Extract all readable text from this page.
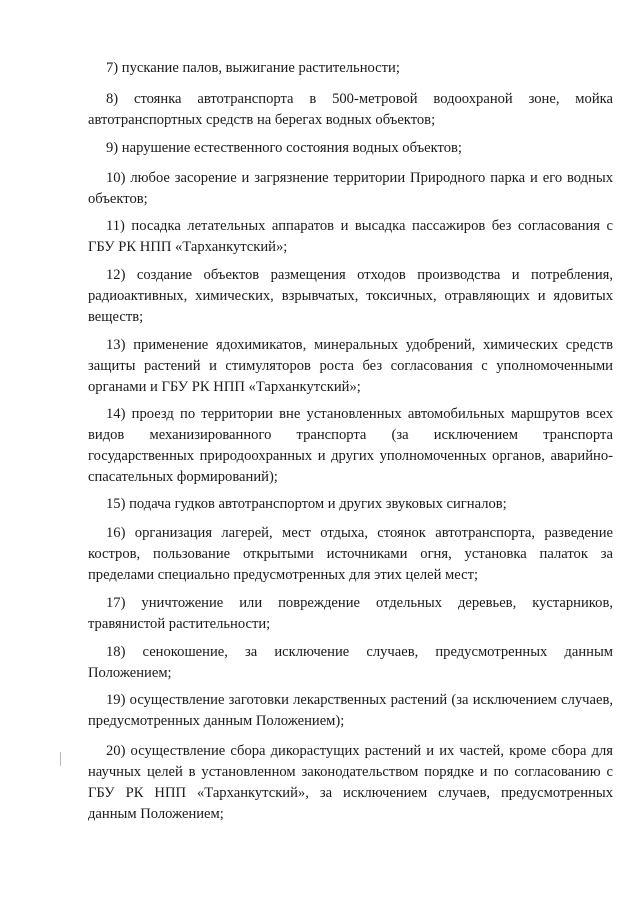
7) пускание палов, выжигание растительности;

8) стоянка автотранспорта в 500-метровой водоохраной зоне, мойка автотранспортных средств на берегах водных объектов;

9) нарушение естественного состояния водных объектов;

10) любое засорение и загрязнение территории Природного парка и его водных объектов;

11) посадка летательных аппаратов и высадка пассажиров без согласования с ГБУ РК НПП «Тарханкутский»;

12) создание объектов размещения отходов производства и потребления, радиоактивных, химических, взрывчатых, токсичных, отравляющих и ядовитых веществ;

13) применение ядохимикатов, минеральных удобрений, химических средств защиты растений и стимуляторов роста без согласования с уполномоченными органами и ГБУ РК НПП «Тарханкутский»;

14) проезд по территории вне установленных автомобильных маршрутов всех видов механизированного транспорта (за исключением транспорта государственных природоохранных и других уполномоченных органов, аварийно-спасательных формирований);

15) подача гудков автотранспортом и других звуковых сигналов;

16) организация лагерей, мест отдыха, стоянок автотранспорта, разведение костров, пользование открытыми источниками огня, установка палаток за пределами специально предусмотренных для этих целей мест;

17) уничтожение или повреждение отдельных деревьев, кустарников, травянистой растительности;

18) сенокошение, за исключение случаев, предусмотренных данным Положением;

19) осуществление заготовки лекарственных растений (за исключением случаев, предусмотренных данным Положением);

20) осуществление сбора дикорастущих растений и их частей, кроме сбора для научных целей в установленном законодательством порядке и по согласованию с ГБУ РК НПП «Тарханкутский», за исключением случаев, предусмотренных данным Положением;
